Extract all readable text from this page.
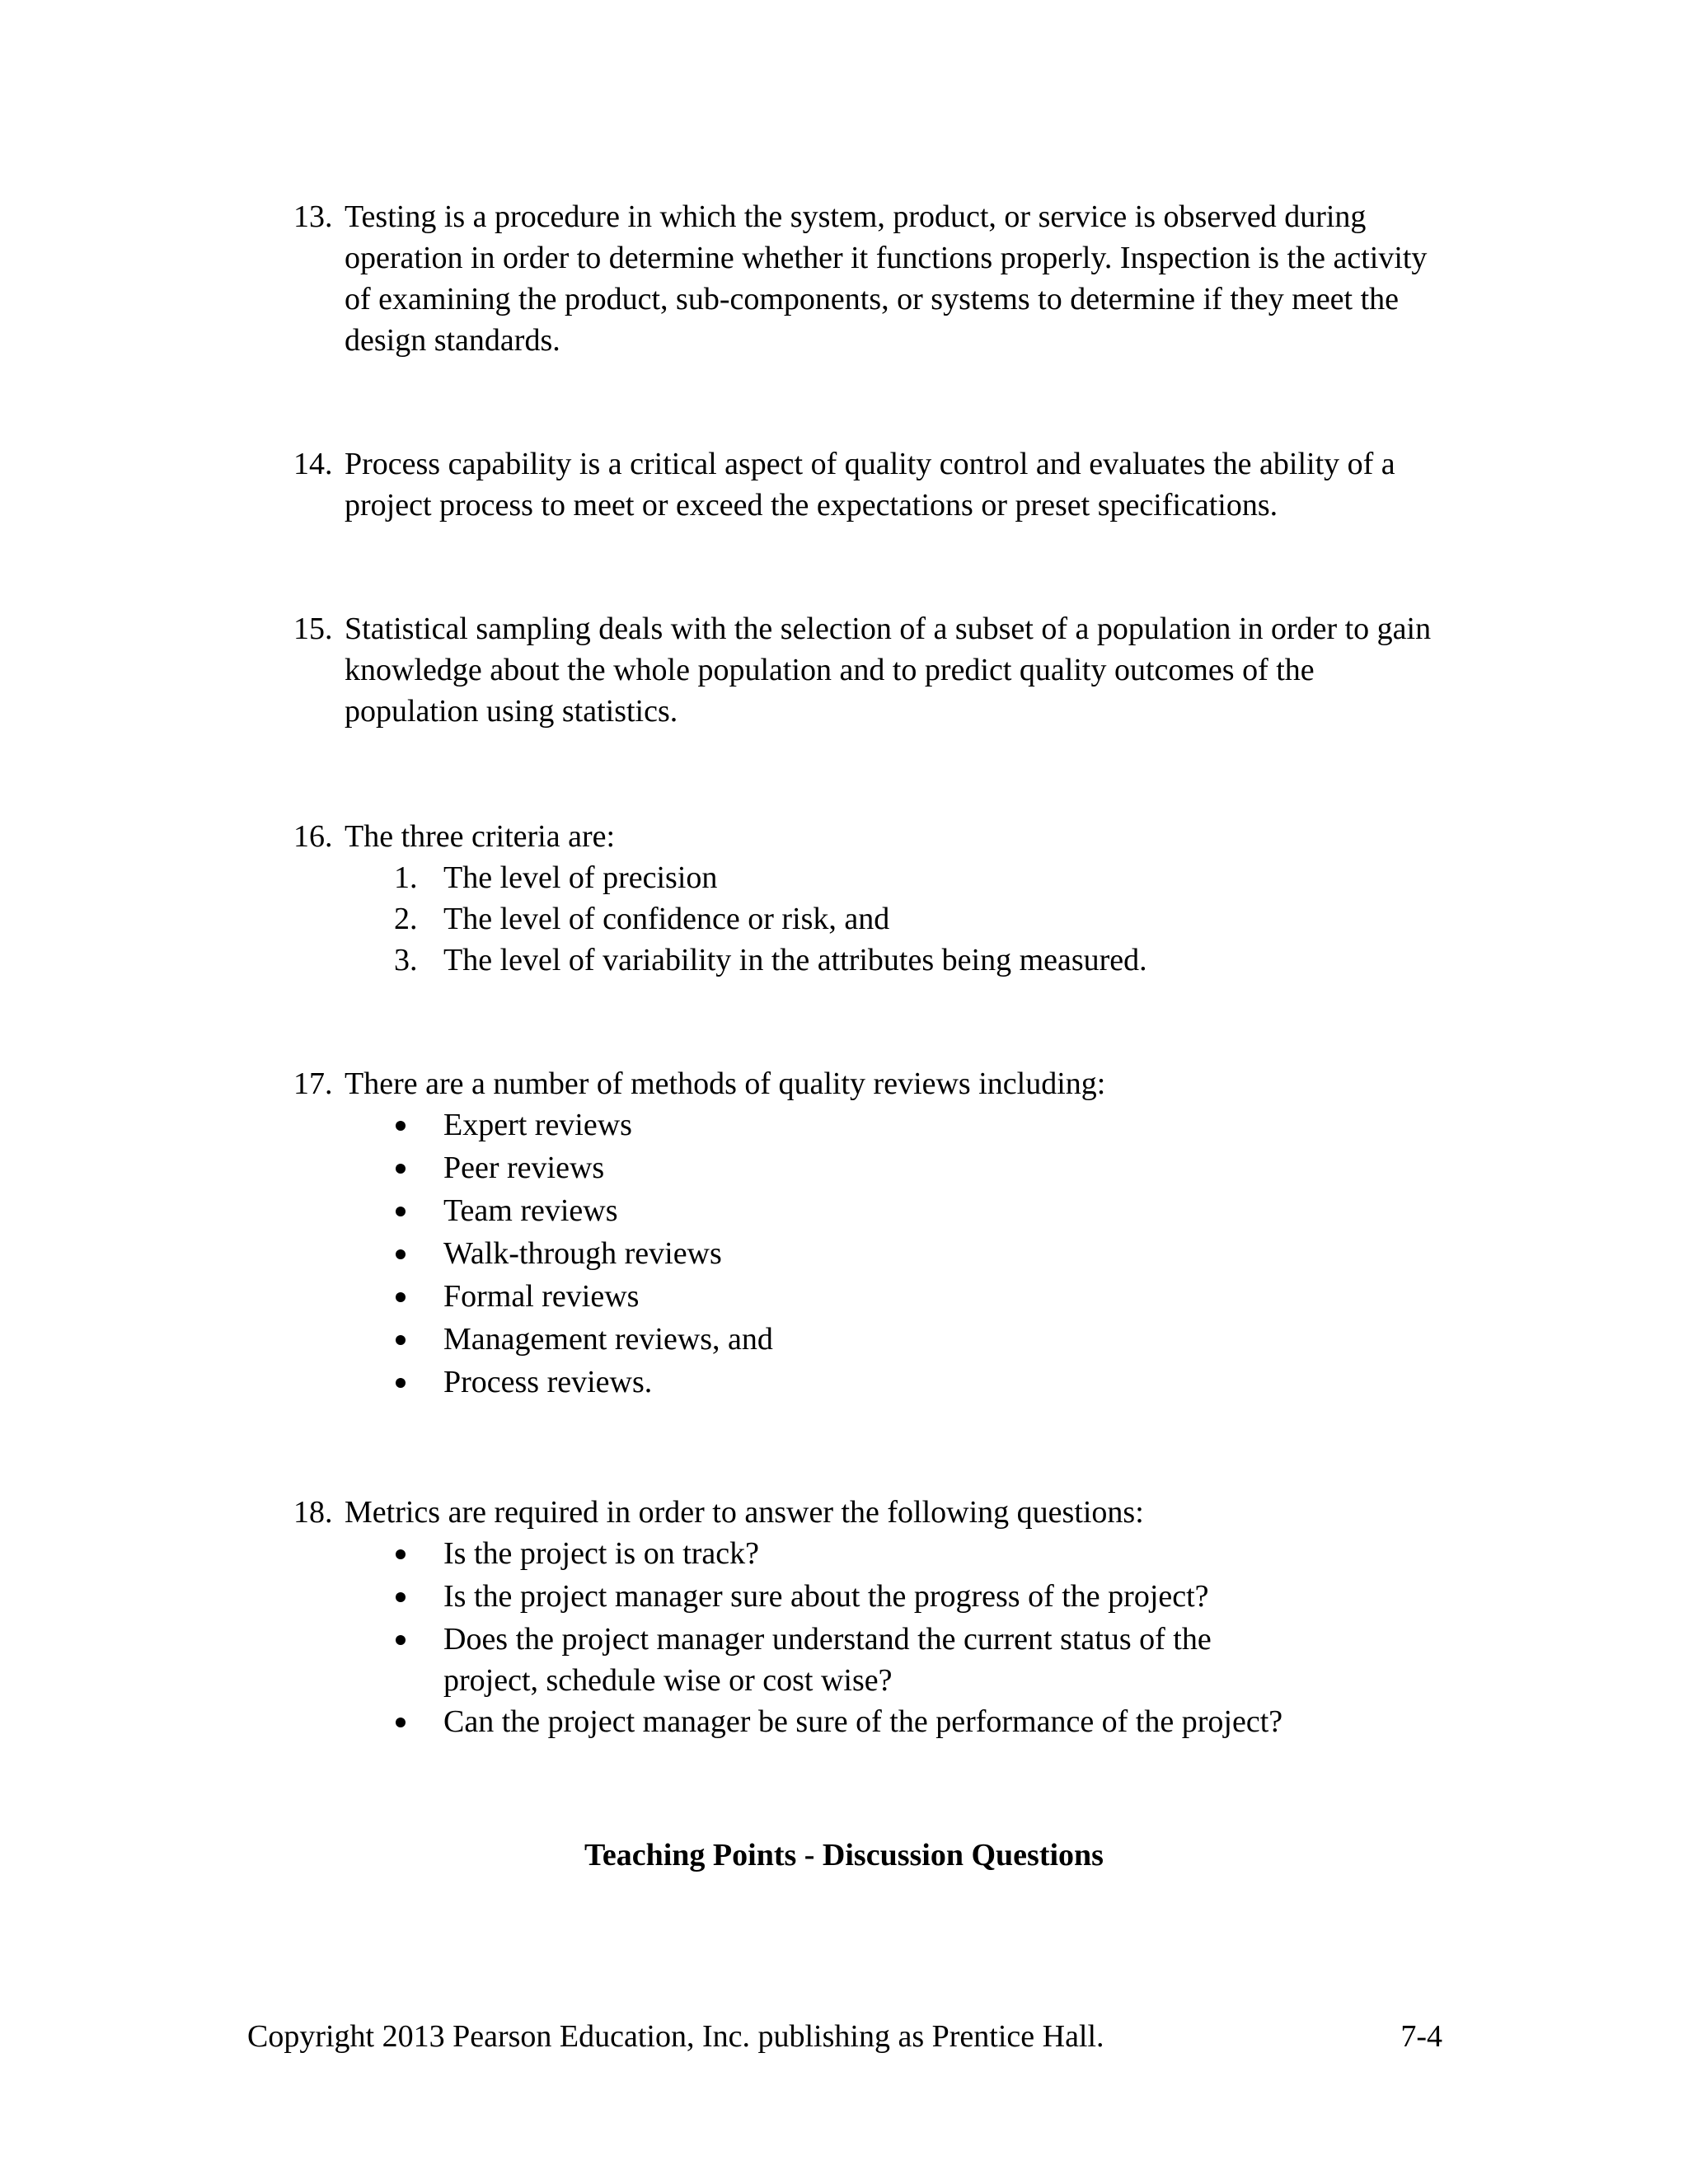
13. Testing is a procedure in which the system, product, or service is observed during operation in order to determine whether it functions properly. Inspection is the activity of examining the product, sub-components, or systems to determine if they meet the design standards.
14. Process capability is a critical aspect of quality control and evaluates the ability of a project process to meet or exceed the expectations or preset specifications.
15. Statistical sampling deals with the selection of a subset of a population in order to gain knowledge about the whole population and to predict quality outcomes of the population using statistics.
16. The three criteria are:
1. The level of precision
2. The level of confidence or risk, and
3. The level of variability in the attributes being measured.
17. There are a number of methods of quality reviews including:
Expert reviews
Peer reviews
Team reviews
Walk-through reviews
Formal reviews
Management reviews, and
Process reviews.
18. Metrics are required in order to answer the following questions:
Is the project is on track?
Is the project manager sure about the progress of the project?
Does the project manager understand the current status of the project, schedule wise or cost wise?
Can the project manager be sure of the performance of the project?
Teaching Points - Discussion Questions
Copyright 2013 Pearson Education, Inc. publishing as Prentice Hall.	7-4
